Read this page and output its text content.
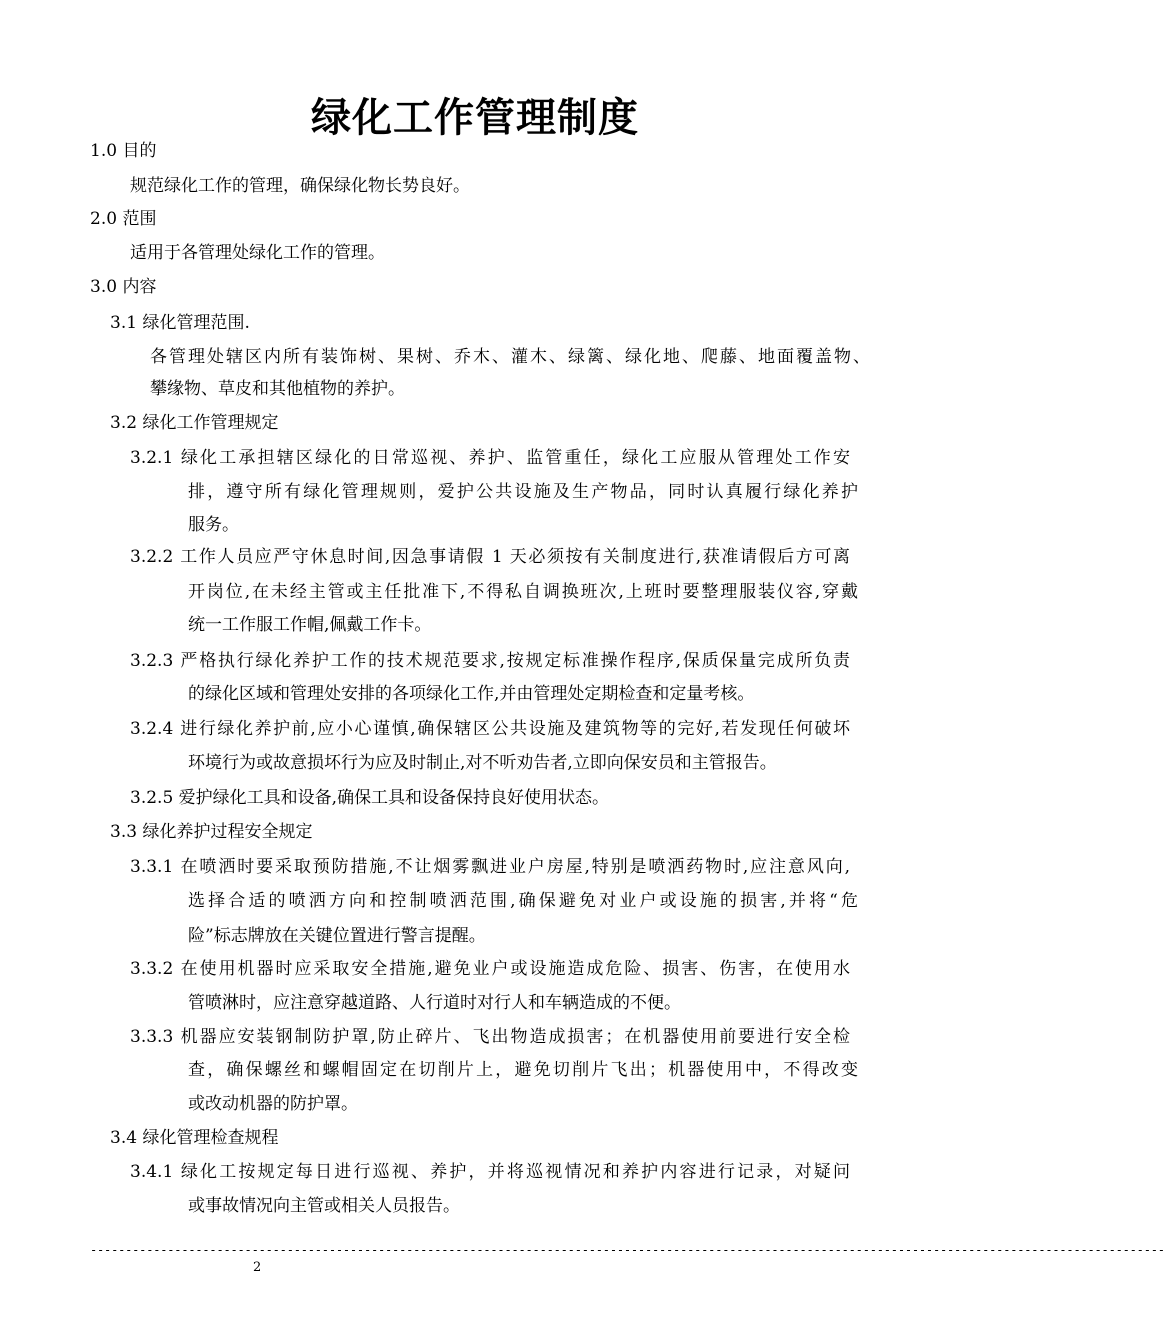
绿化工作管理制度
1.0 目的
规范绿化工作的管理，确保绿化物长势良好。
2.0 范围
适用于各管理处绿化工作的管理。
3.0 内容
3.1 绿化管理范围.
各管理处辖区内所有装饰树、果树、乔木、灌木、绿篱、绿化地、爬藤、地面覆盖物、
攀缘物、草皮和其他植物的养护。
3.2 绿化工作管理规定
3.2.1 绿化工承担辖区绿化的日常巡视、养护、监管重任，绿化工应服从管理处工作安
排，遵守所有绿化管理规则，爱护公共设施及生产物品，同时认真履行绿化养护
服务。
3.2.2 工作人员应严守休息时间,因急事请假 1 天必须按有关制度进行,获准请假后方可离
开岗位,在未经主管或主任批准下,不得私自调换班次,上班时要整理服装仪容,穿戴
统一工作服工作帽,佩戴工作卡。
3.2.3 严格执行绿化养护工作的技术规范要求,按规定标准操作程序,保质保量完成所负责
的绿化区域和管理处安排的各项绿化工作,并由管理处定期检查和定量考核。
3.2.4 进行绿化养护前,应小心谨慎,确保辖区公共设施及建筑物等的完好,若发现任何破坏
环境行为或故意损坏行为应及时制止,对不听劝告者,立即向保安员和主管报告。
3.2.5 爱护绿化工具和设备,确保工具和设备保持良好使用状态。
3.3 绿化养护过程安全规定
3.3.1 在喷洒时要采取预防措施,不让烟雾飘进业户房屋,特别是喷洒药物时,应注意风向,
选择合适的喷洒方向和控制喷洒范围,确保避免对业户或设施的损害,并将“危
险”标志牌放在关键位置进行警言提醒。
3.3.2 在使用机器时应采取安全措施,避免业户或设施造成危险、损害、伤害，在使用水
管喷淋时，应注意穿越道路、人行道时对行人和车辆造成的不便。
3.3.3 机器应安装钢制防护罩,防止碎片、飞出物造成损害；在机器使用前要进行安全检
查，确保螺丝和螺帽固定在切削片上，避免切削片飞出；机器使用中，不得改变
或改动机器的防护罩。
3.4 绿化管理检查规程
3.4.1 绿化工按规定每日进行巡视、养护，并将巡视情况和养护内容进行记录，对疑问
或事故情况向主管或相关人员报告。
---------------------------------------------------------------------------------------------------------------------------------------------------------
2
